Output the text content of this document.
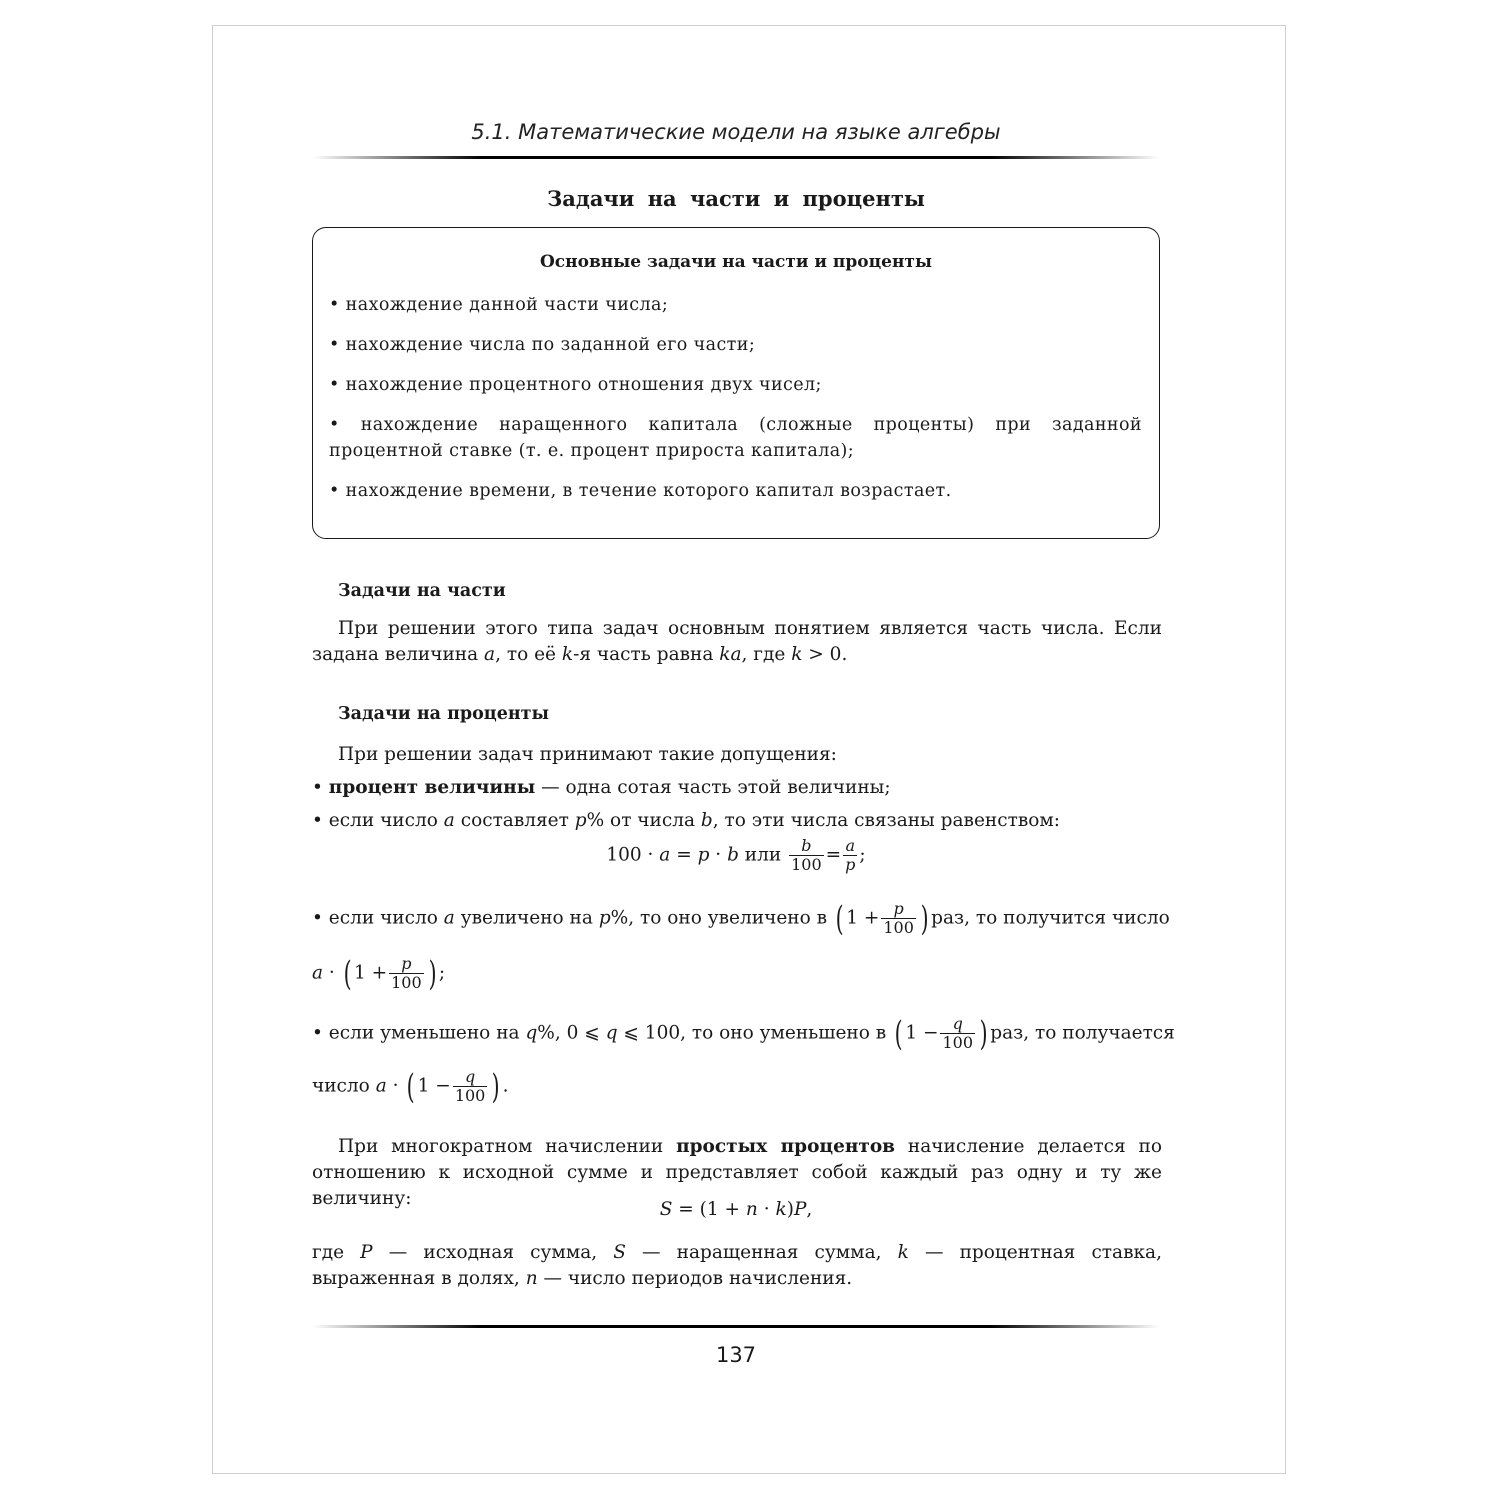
5.1. Математические модели на языке алгебры
Задачи на части и проценты
Основные задачи на части и проценты
• нахождение данной части числа;
• нахождение числа по заданной его части;
• нахождение процентного отношения двух чисел;
• нахождение наращенного капитала (сложные проценты) при заданной процентной ставке (т. е. процент прироста капитала);
• нахождение времени, в течение которого капитал возрастает.
Задачи на части
При решении этого типа задач основным понятием является часть числа. Если задана величина a, то её k-я часть равна ka, где k > 0.
Задачи на проценты
При решении задач принимают такие допущения:
• процент величины — одна сотая часть этой величины;
• если число a составляет p% от числа b, то эти числа связаны равенством:
100 · a = p · b или $\frac{b}{100} = \frac{a}{p}$ ;
• если число a увеличено на p%, то оно увеличено в ( $1 + \frac{p}{100}$ ) раз, то получится число
a · ( $1 + \frac{p}{100}$ ) ;
• если уменьшено на q%, 0 ⩽ q ⩽ 100, то оно уменьшено в ( $1 - \frac{q}{100}$ ) раз, то получается
число a · ( $1 - \frac{q}{100}$ ) .
При многократном начислении простых процентов начисление делается по отношению к исходной сумме и представляет собой каждый раз одну и ту же величину:
S = (1 + n · k)P,
где P — исходная сумма, S — наращенная сумма, k — процентная ставка, выраженная в долях, n — число периодов начисления.
137
